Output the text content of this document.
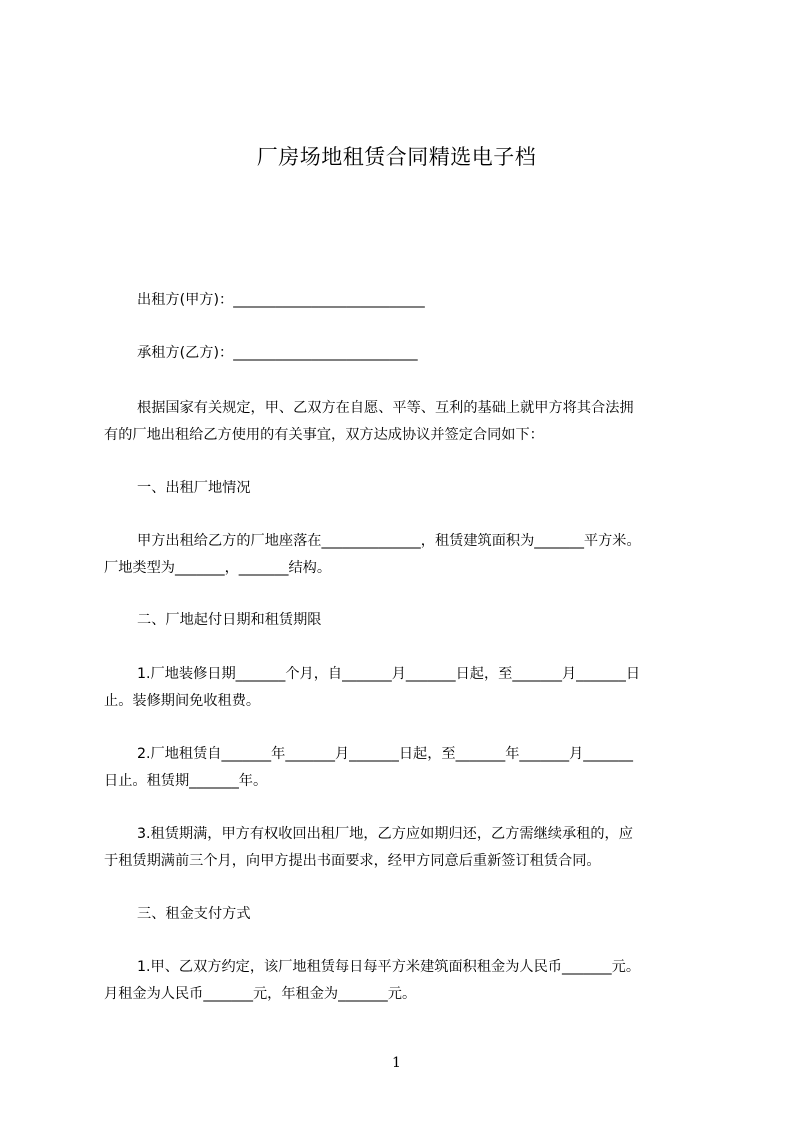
厂房场地租赁合同精选电子档
出租方(甲方)：___________________________
承租方(乙方)：__________________________
根据国家有关规定，甲、乙双方在自愿、平等、互利的基础上就甲方将其合法拥
有的厂地出租给乙方使用的有关事宜，双方达成协议并签定合同如下：
一、出租厂地情况
甲方出租给乙方的厂地座落在______________，租赁建筑面积为_______平方米。
厂地类型为_______，_______结构。
二、厂地起付日期和租赁期限
1.厂地装修日期_______个月，自_______月_______日起，至_______月_______日
止。装修期间免收租费。
2.厂地租赁自_______年_______月_______日起，至_______年_______月_______
日止。租赁期_______年。
3.租赁期满，甲方有权收回出租厂地，乙方应如期归还，乙方需继续承租的，应
于租赁期满前三个月，向甲方提出书面要求，经甲方同意后重新签订租赁合同。
三、租金支付方式
1.甲、乙双方约定，该厂地租赁每日每平方米建筑面积租金为人民币_______元。
月租金为人民币_______元，年租金为_______元。
1
